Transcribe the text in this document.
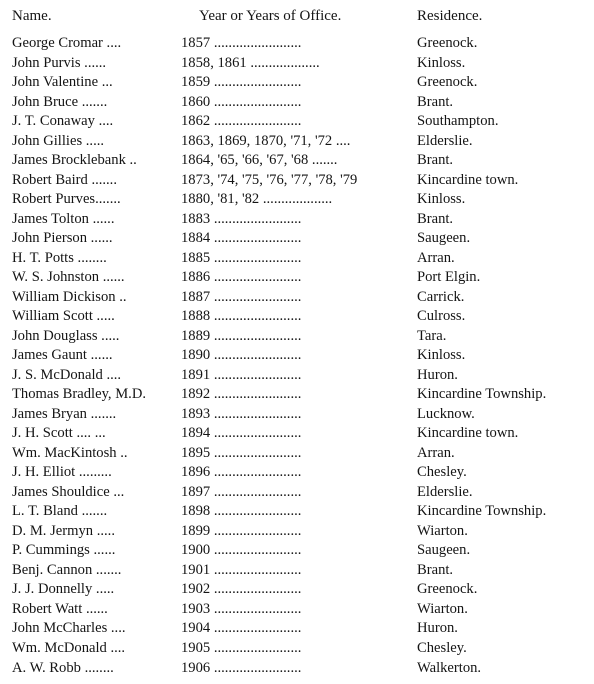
Name.	Year or Years of Office.	Residence.
George Cromar ....	1857 ........................	Greenock.
John Purvis ......	1858, 1861 ...................	Kinloss.
John Valentine ...	1859 ........................	Greenock.
John Bruce .......	1860 ........................	Brant.
J. T. Conaway ....	1862 ........................	Southampton.
John Gillies .....	1863, 1869, 1870, '71, '72 ....	Elderslie.
James Brocklebank ..	1864, '65, '66, '67, '68 .......	Brant.
Robert Baird .......	1873, '74, '75, '76, '77, '78, '79	Kincardine town.
Robert Purves.......	1880, '81, '82 ...................	Kinloss.
James Tolton ......	1883 ........................	Brant.
John Pierson ......	1884 ........................	Saugeen.
H. T. Potts ........	1885 ........................	Arran.
W. S. Johnston ......	1886 ........................	Port Elgin.
William Dickison ..	1887 ........................	Carrick.
William Scott .....	1888 ........................	Culross.
John Douglass .....	1889 ........................	Tara.
James Gaunt ......	1890 ........................	Kinloss.
J. S. McDonald ....	1891 ........................	Huron.
Thomas Bradley, M.D. 1892 ........................	Kincardine Township.
James Bryan .......	1893 ........................	Lucknow.
J. H. Scott .... ...	1894 ........................	Kincardine town.
Wm. MacKintosh ..	1895 ........................	Arran.
J. H. Elliot .........	1896 ........................	Chesley.
James Shouldice ...	1897 ........................	Elderslie.
L. T. Bland .......	1898 ........................	Kincardine Township.
D. M. Jermyn .....	1899 ........................	Wiarton.
P. Cummings ......	1900 ........................	Saugeen.
Benj. Cannon .......	1901 ........................	Brant.
J. J. Donnelly .....	1902 ........................	Greenock.
Robert Watt ......	1903 ........................	Wiarton.
John McCharles ....	1904 ........................	Huron.
Wm. McDonald ....	1905 ........................	Chesley.
A. W. Robb ........	1906 ........................	Walkerton.
